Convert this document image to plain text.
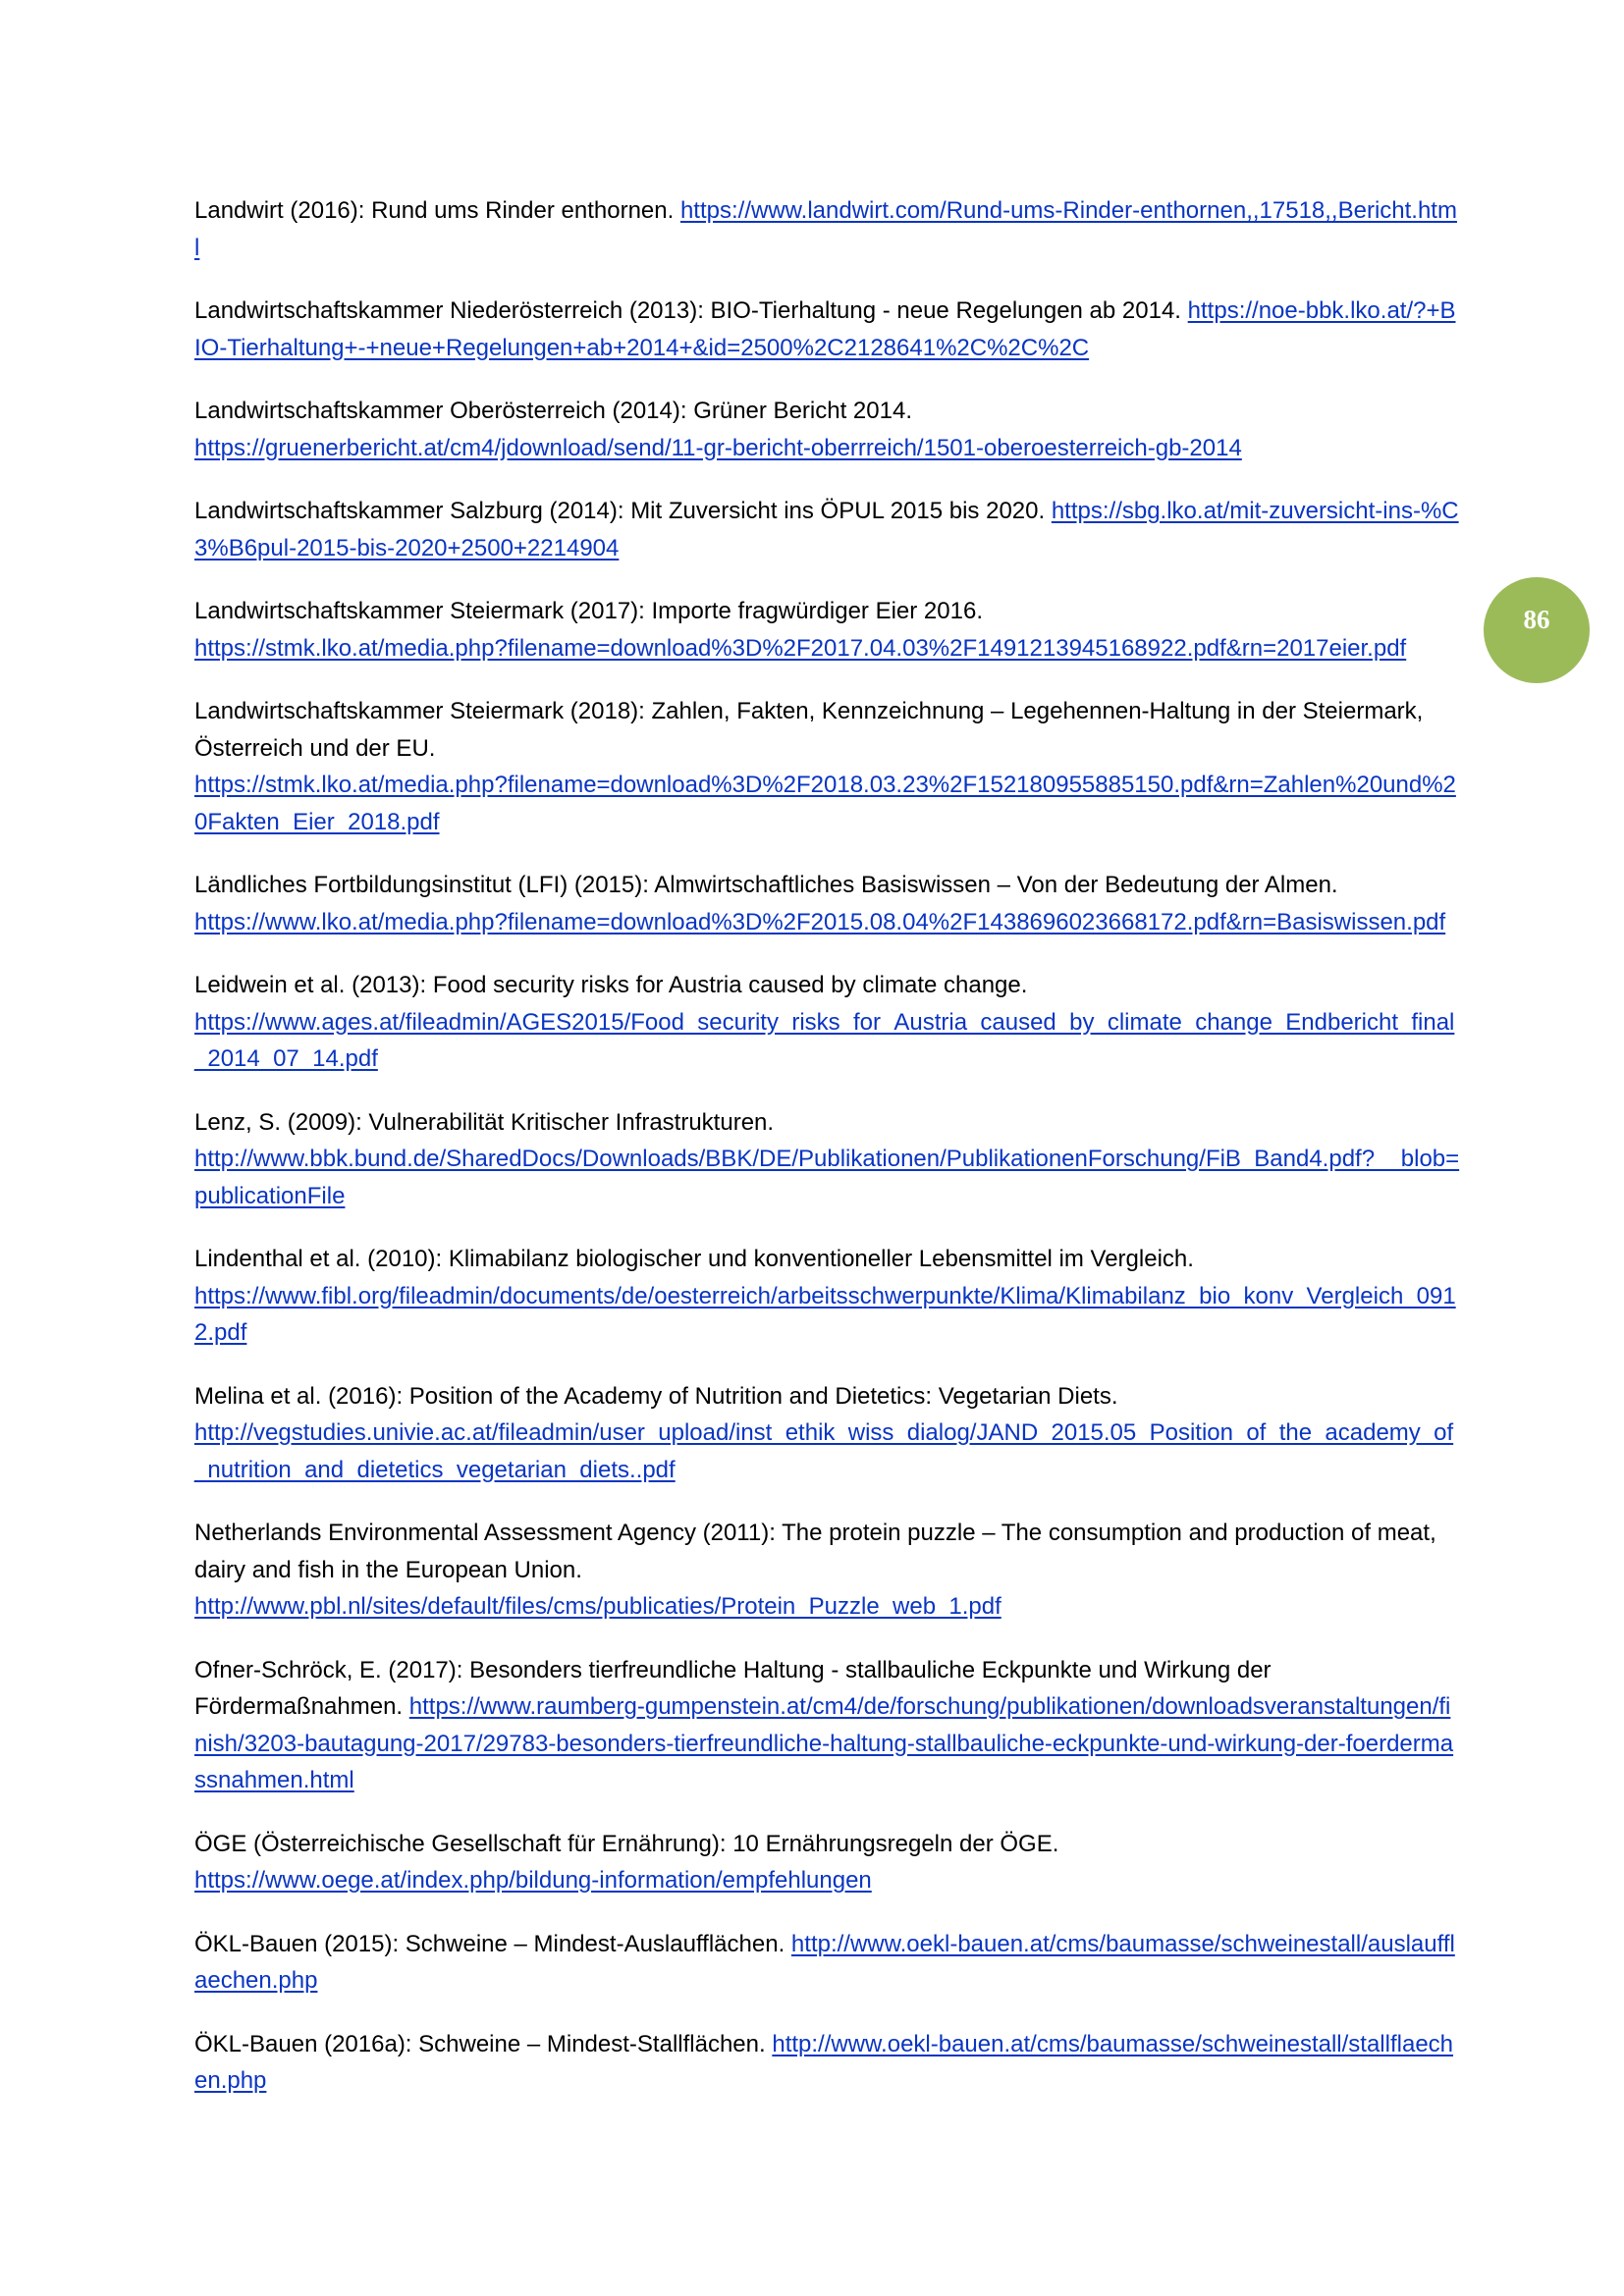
Landwirt (2016): Rund ums Rinder enthornen. https://www.landwirt.com/Rund-ums-Rinder-enthornen,,17518,,Bericht.html

Landwirtschaftskammer Niederösterreich (2013): BIO-Tierhaltung - neue Regelungen ab 2014. https://noe-bbk.lko.at/?+BIO-Tierhaltung+-+neue+Regelungen+ab+2014+&id=2500%2C2128641%2C%2C%2C

Landwirtschaftskammer Oberösterreich (2014): Grüner Bericht 2014.
https://gruenerbericht.at/cm4/jdownload/send/11-gr-bericht-oberrreich/1501-oberoesterreich-gb-2014

Landwirtschaftskammer Salzburg (2014): Mit Zuversicht ins ÖPUL 2015 bis 2020. https://sbg.lko.at/mit-zuversicht-ins-%C3%B6pul-2015-bis-2020+2500+2214904

Landwirtschaftskammer Steiermark (2017): Importe fragwürdiger Eier 2016.
https://stmk.lko.at/media.php?filename=download%3D%2F2017.04.03%2F1491213945168922.pdf&rn=2017eier.pdf

Landwirtschaftskammer Steiermark (2018): Zahlen, Fakten, Kennzeichnung – Legehennen-Haltung in der Steiermark, Österreich und der EU.
https://stmk.lko.at/media.php?filename=download%3D%2F2018.03.23%2F152180955885150.pdf&rn=Zahlen%20und%20Fakten_Eier_2018.pdf

Ländliches Fortbildungsinstitut (LFI) (2015): Almwirtschaftliches Basiswissen – Von der Bedeutung der Almen.
https://www.lko.at/media.php?filename=download%3D%2F2015.08.04%2F1438696023668172.pdf&rn=Basiswissen.pdf

Leidwein et al. (2013): Food security risks for Austria caused by climate change.
https://www.ages.at/fileadmin/AGES2015/Food_security_risks_for_Austria_caused_by_climate_change_Endbericht_final_2014_07_14.pdf

Lenz, S. (2009): Vulnerabilität Kritischer Infrastrukturen.
http://www.bbk.bund.de/SharedDocs/Downloads/BBK/DE/Publikationen/PublikationenForschung/FiB_Band4.pdf?__blob=publicationFile

Lindenthal et al. (2010): Klimabilanz biologischer und konventioneller Lebensmittel im Vergleich.
https://www.fibl.org/fileadmin/documents/de/oesterreich/arbeitsschwerpunkte/Klima/Klimabilanz_bio_konv_Vergleich_0912.pdf

Melina et al. (2016): Position of the Academy of Nutrition and Dietetics: Vegetarian Diets.
http://vegstudies.univie.ac.at/fileadmin/user_upload/inst_ethik_wiss_dialog/JAND_2015.05_Position_of_the_academy_of_nutrition_and_dietetics_vegetarian_diets..pdf

Netherlands Environmental Assessment Agency (2011): The protein puzzle – The consumption and production of meat, dairy and fish in the European Union.
http://www.pbl.nl/sites/default/files/cms/publicaties/Protein_Puzzle_web_1.pdf

Ofner-Schröck, E. (2017): Besonders tierfreundliche Haltung - stallbauliche Eckpunkte und Wirkung der Fördermaßnahmen. https://www.raumberg-gumpenstein.at/cm4/de/forschung/publikationen/downloadsveranstaltungen/finish/3203-bautagung-2017/29783-besonders-tierfreundliche-haltung-stallbauliche-eckpunkte-und-wirkung-der-foerdermassnahmen.html

ÖGE (Österreichische Gesellschaft für Ernährung): 10 Ernährungsregeln der ÖGE.
https://www.oege.at/index.php/bildung-information/empfehlungen

ÖKL-Bauen (2015): Schweine – Mindest-Auslaufflächen. http://www.oekl-bauen.at/cms/baumasse/schweinestall/auslaufflaechen.php

ÖKL-Bauen (2016a): Schweine – Mindest-Stallflächen. http://www.oekl-bauen.at/cms/baumasse/schweinestall/stallflaechen.php

86
